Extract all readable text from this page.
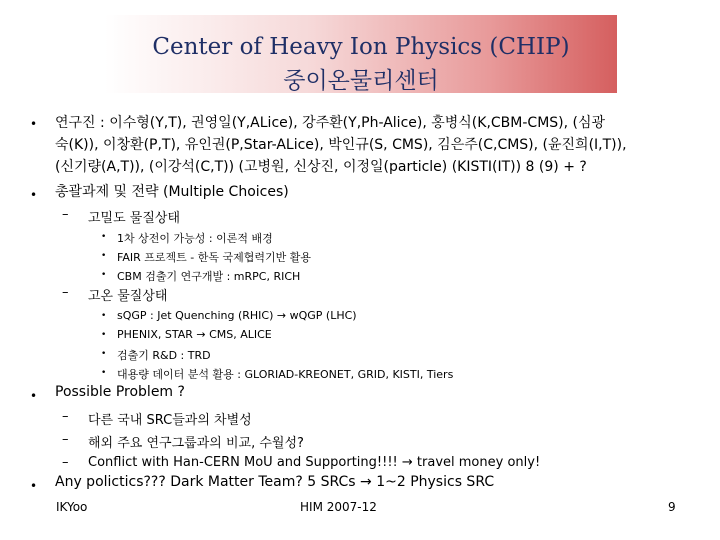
Center of Heavy Ion Physics (CHIP)
중이온물리센터
• 연구진 : 이수형(Y,T), 권영일(Y,ALice), 강주환(Y,Ph-Alice), 홍병식(K,CBM-CMS), (심광
숙(K)), 이창환(P,T), 유인권(P,Star-ALice), 박인규(S, CMS), 김은주(C,CMS), (윤진희(I,T)),
(신기량(A,T)), (이강석(C,T)) (고병원, 신상진, 이정일(particle) (KISTI(IT)) 8 (9) + ?
• 총괄과제 및 전략 (Multiple Choices)
– 고밀도 물질상태
• 1차 상전이 가능성 : 이론적 배경
• FAIR 프로젝트 - 한독 국제협력기반 활용
• CBM 검출기 연구개발 : mRPC, RICH
– 고온 물질상태
• sQGP : Jet Quenching (RHIC) → wQGP (LHC)
• PHENIX, STAR → CMS, ALICE
• 검출기 R&D : TRD
• 대용량 데이터 분석 활용 : GLORIAD-KREONET, GRID, KISTI, Tiers
• Possible Problem ?
– 다른 국내 SRC들과의 차별성
– 해외 주요 연구그룹과의 비교, 수월성?
– Conflict with Han-CERN MoU and Supporting!!!! → travel money only!
• Any polictics??? Dark Matter Team? 5 SRCs → 1~2 Physics SRC
IKYoo	HIM 2007-12	9
